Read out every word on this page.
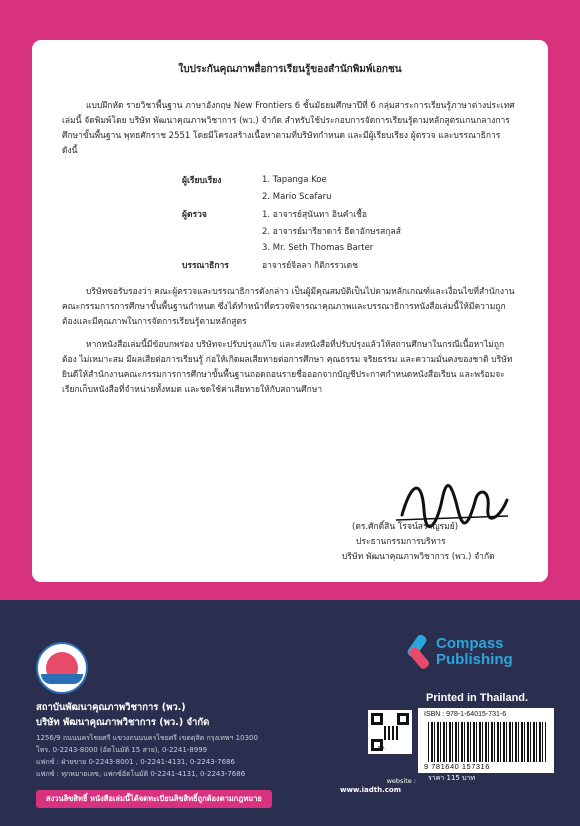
ใบประกันคุณภาพสื่อการเรียนรู้ของสำนักพิมพ์เอกชน

แบบฝึกหัด รายวิชาพื้นฐาน ภาษาอังกฤษ New Frontiers 6 ชั้นมัธยมศึกษาปีที่ 6 กลุ่มสาระการเรียนรู้ภาษาต่างประเทศ เล่มนี้ จัดพิมพ์โดย บริษัท พัฒนาคุณภาพวิชาการ (พว.) จำกัด สำหรับใช้ประกอบการจัดการเรียนรู้ตามหลักสูตรแกนกลางการศึกษาขั้นพื้นฐาน พุทธศักราช 2551 โดยมีโครงสร้างเนื้อหาตามที่บริษัทกำหนด และมีผู้เรียบเรียง ผู้ตรวจ และบรรณาธิการ ดังนี้

ผู้เรียบเรียง	1. Tapanga Koe
2. Mario Scafaru
ผู้ตรวจ	1. อาจารย์สุนันทา อินคำเชื้อ
2. อาจารย์มารียาดาร์ ธีดาอักษรสกุลส์
3. Mr. Seth Thomas Barter
บรรณาธิการ	อาจารย์จิลลา กิติกรรวเดช

บริษัทขอรับรองว่า คณะผู้ตรวจและบรรณาธิการดังกล่าว เป็นผู้มีคุณสมบัติเป็นไปตามหลักเกณฑ์และเงื่อนไขที่สำนักงานคณะกรรมการการศึกษาขั้นพื้นฐานกำหนด ซึ่งได้ทำหน้าที่ตรวจพิจารณาคุณภาพและบรรณาธิการหนังสือเล่มนี้ให้มีความถูกต้องและมีคุณภาพในการจัดการเรียนรู้ตามหลักสูตร

หากหนังสือเล่มนี้มีข้อบกพร่อง บริษัทจะปรับปรุงแก้ไข และส่งหนังสือที่ปรับปรุงแล้วให้สถานศึกษาในกรณีเนื้อหาไม่ถูกต้อง ไม่เหมาะสม มีผลเสียต่อการเรียนรู้ ก่อให้เกิดผลเสียหายต่อการศึกษา คุณธรรม จริยธรรม และความมั่นคงของชาติ บริษัทยินดีให้สำนักงานคณะกรรมการการศึกษาขั้นพื้นฐานถอดถอนรายชื่อออกจากบัญชีประกาศกำหนดหนังสือเรียน และพร้อมจะเรียกเก็บหนังสือที่จำหน่ายทั้งหมด และชดใช้ค่าเสียหายให้กับสถานศึกษา

(ดร.ศักดิ์สิน โรจน์สราญรมย์)
ประธานกรรมการบริหาร
บริษัท พัฒนาคุณภาพวิชาการ (พว.) จำกัด
สถาบันพัฒนาคุณภาพวิชาการ (พว.)
บริษัท พัฒนาคุณภาพวิชาการ (พว.) จำกัด
1256/9 ถนนนครไชยศรี แขวงถนนนครไชยศรี เขตดุสิต กรุงเทพฯ 10300
โทร. 0-2243-8000 (อัตโนมัติ 15 สาย), 0-2241-8999
แฟกซ์ : ฝ่ายขาย 0-2243-8001 , 0-2241-4131, 0-2243-7686
แฟกซ์ : ทุกหมายเลข, แฟกซ์อัตโนมัติ 0-2241-4131, 0-2243-7686
สงวนลิขสิทธิ์ หนังสือเล่มนี้ได้จดทะเบียนลิขสิทธิ์ถูกต้องตามกฎหมาย
Compass
Publishing
Printed in Thailand.
พว.
ISBN : 978-1-64015-731-6
9 781640 157316
ราคา 115 บาท
website :
www.iadth.com
